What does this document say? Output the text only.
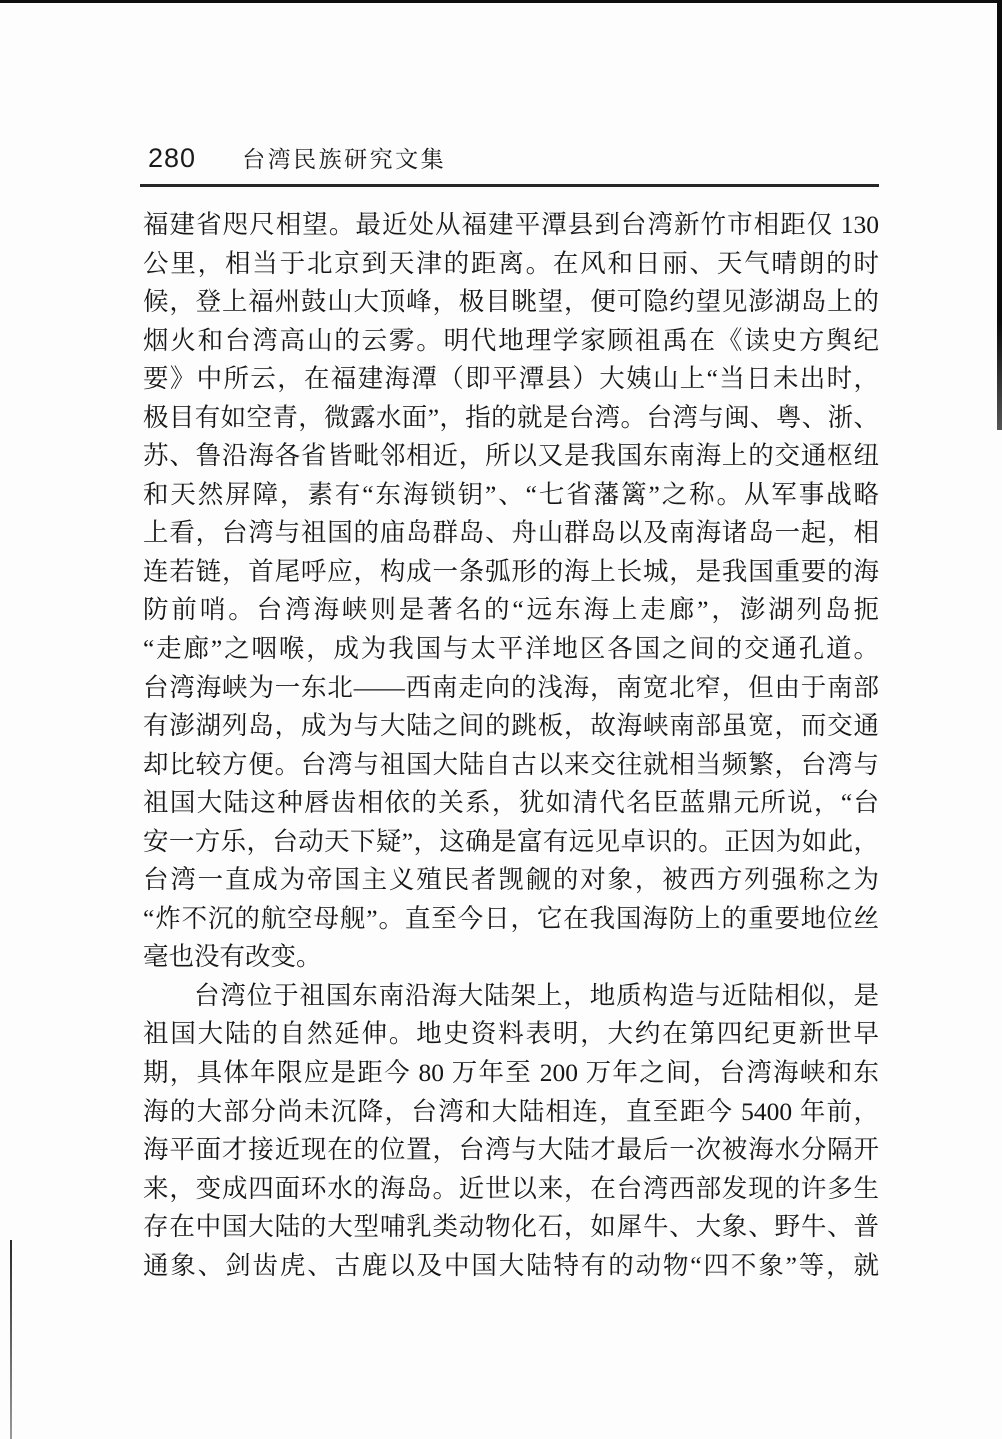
280 台湾民族研究文集
福建省咫尺相望。最近处从福建平潭县到台湾新竹市相距仅 130
公里，相当于北京到天津的距离。在风和日丽、天气晴朗的时
候，登上福州鼓山大顶峰，极目眺望，便可隐约望见澎湖岛上的
烟火和台湾高山的云雾。明代地理学家顾祖禹在《读史方舆纪
要》中所云，在福建海潭（即平潭县）大姨山上“当日未出时，
极目有如空青，微露水面”，指的就是台湾。台湾与闽、粤、浙、
苏、鲁沿海各省皆毗邻相近，所以又是我国东南海上的交通枢纽
和天然屏障，素有“东海锁钥”、“七省藩篱”之称。从军事战略
上看，台湾与祖国的庙岛群岛、舟山群岛以及南海诸岛一起，相
连若链，首尾呼应，构成一条弧形的海上长城，是我国重要的海
防前哨。台湾海峡则是著名的“远东海上走廊”，澎湖列岛扼
“走廊”之咽喉，成为我国与太平洋地区各国之间的交通孔道。
台湾海峡为一东北——西南走向的浅海，南宽北窄，但由于南部
有澎湖列岛，成为与大陆之间的跳板，故海峡南部虽宽，而交通
却比较方便。台湾与祖国大陆自古以来交往就相当频繁，台湾与
祖国大陆这种唇齿相依的关系，犹如清代名臣蓝鼎元所说，“台
安一方乐，台动天下疑”，这确是富有远见卓识的。正因为如此，
台湾一直成为帝国主义殖民者觊觎的对象，被西方列强称之为
“炸不沉的航空母舰”。直至今日，它在我国海防上的重要地位丝
毫也没有改变。
台湾位于祖国东南沿海大陆架上，地质构造与近陆相似，是
祖国大陆的自然延伸。地史资料表明，大约在第四纪更新世早
期，具体年限应是距今 80 万年至 200 万年之间，台湾海峡和东
海的大部分尚未沉降，台湾和大陆相连，直至距今 5400 年前，
海平面才接近现在的位置，台湾与大陆才最后一次被海水分隔开
来，变成四面环水的海岛。近世以来，在台湾西部发现的许多生
存在中国大陆的大型哺乳类动物化石，如犀牛、大象、野牛、普
通象、剑齿虎、古鹿以及中国大陆特有的动物“四不象”等，就
